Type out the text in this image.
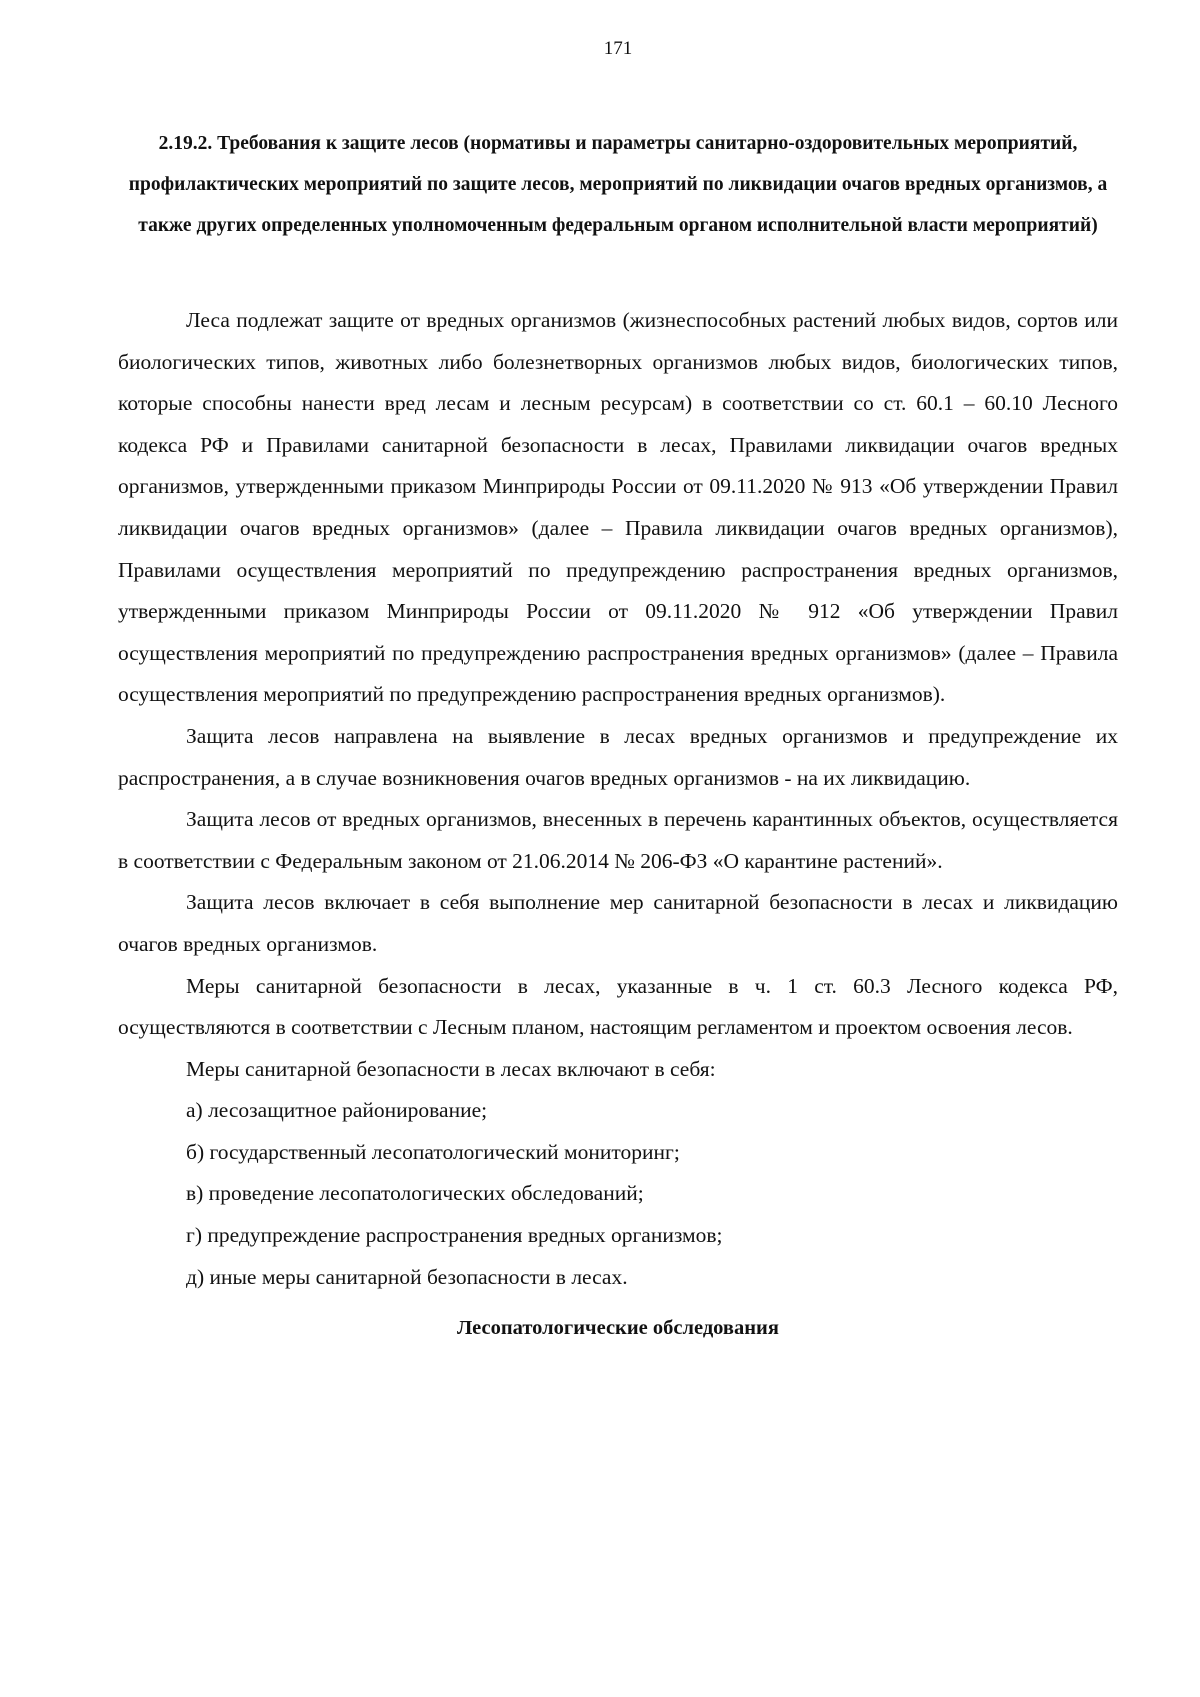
171
2.19.2. Требования к защите лесов (нормативы и параметры санитарно-оздоровительных мероприятий, профилактических мероприятий по защите лесов, мероприятий по ликвидации очагов вредных организмов, а также других определенных уполномоченным федеральным органом исполнительной власти мероприятий)

Леса подлежат защите от вредных организмов (жизнеспособных растений любых видов, сортов или биологических типов, животных либо болезнетворных организмов любых видов, биологических типов, которые способны нанести вред лесам и лесным ресурсам) в соответствии со ст. 60.1 – 60.10 Лесного кодекса РФ и Правилами санитарной безопасности в лесах, Правилами ликвидации очагов вредных организмов, утвержденными приказом Минприроды России от 09.11.2020 № 913 «Об утверждении Правил ликвидации очагов вредных организмов» (далее – Правила ликвидации очагов вредных организмов), Правилами осуществления мероприятий по предупреждению распространения вредных организмов, утвержденными приказом Минприроды России от 09.11.2020 № 912 «Об утверждении Правил осуществления мероприятий по предупреждению распространения вредных организмов» (далее – Правила осуществления мероприятий по предупреждению распространения вредных организмов).

Защита лесов направлена на выявление в лесах вредных организмов и предупреждение их распространения, а в случае возникновения очагов вредных организмов - на их ликвидацию.

Защита лесов от вредных организмов, внесенных в перечень карантинных объектов, осуществляется в соответствии с Федеральным законом от 21.06.2014 № 206-ФЗ «О карантине растений».

Защита лесов включает в себя выполнение мер санитарной безопасности в лесах и ликвидацию очагов вредных организмов.

Меры санитарной безопасности в лесах, указанные в ч. 1 ст. 60.3 Лесного кодекса РФ, осуществляются в соответствии с Лесным планом, настоящим регламентом и проектом освоения лесов.

Меры санитарной безопасности в лесах включают в себя:

а) лесозащитное районирование;

б) государственный лесопатологический мониторинг;

в) проведение лесопатологических обследований;

г) предупреждение распространения вредных организмов;

д) иные меры санитарной безопасности в лесах.

Лесопатологические обследования
